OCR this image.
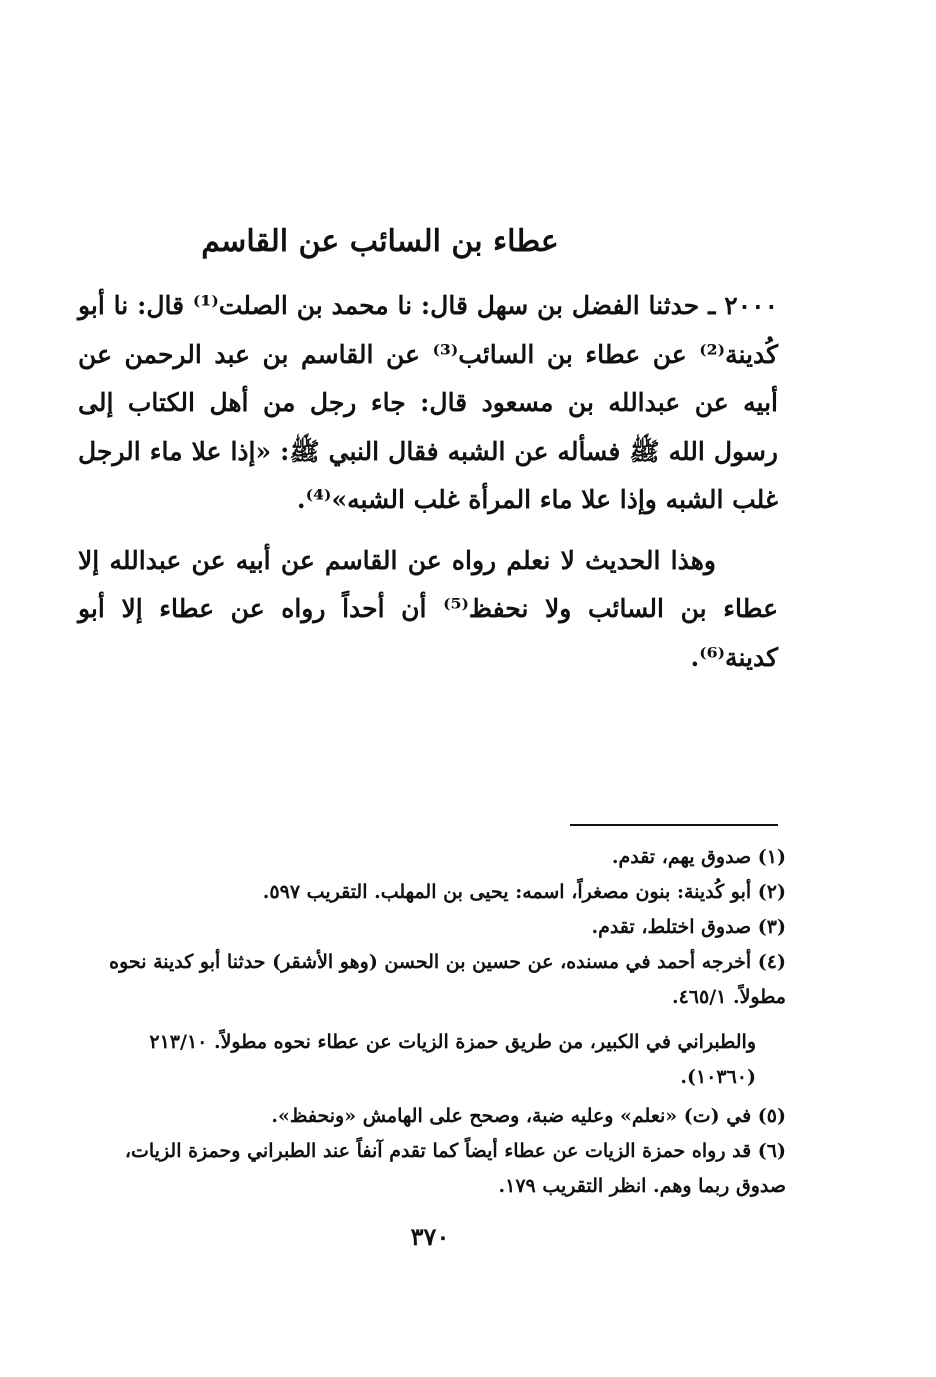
عطاء بن السائب عن القاسم

٢٠٠٠ ـ حدثنا الفضل بن سهل قال: نا محمد بن الصلت⁽¹⁾ قال: نا أبو كُدينة⁽²⁾ عن عطاء بن السائب⁽³⁾ عن القاسم بن عبد الرحمن عن أبيه عن عبدالله بن مسعود قال: جاء رجل من أهل الكتاب إلى رسول الله ﷺ فسأله عن الشبه فقال النبي ﷺ: «إذا علا ماء الرجل غلب الشبه وإذا علا ماء المرأة غلب الشبه»⁽⁴⁾.

وهذا الحديث لا نعلم رواه عن القاسم عن أبيه عن عبدالله إلا عطاء بن السائب ولا نحفظ⁽⁵⁾ أن أحداً رواه عن عطاء إلا أبو كدينة⁽⁶⁾.

(١) صدوق يهم، تقدم.

(٢) أبو كُدينة: بنون مصغراً، اسمه: يحيى بن المهلب. التقريب ٥٩٧.

(٣) صدوق اختلط، تقدم.

(٤) أخرجه أحمد في مسنده، عن حسين بن الحسن (وهو الأشقر) حدثنا أبو كدينة نحوه مطولاً. ٤٦٥/١.

والطبراني في الكبير، من طريق حمزة الزيات عن عطاء نحوه مطولاً. ٢١٣/١٠ (١٠٣٦٠).

(٥) في (ت) «نعلم» وعليه ضبة، وصحح على الهامش «ونحفظ».

(٦) قد رواه حمزة الزيات عن عطاء أيضاً كما تقدم آنفاً عند الطبراني وحمزة الزيات، صدوق ربما وهم. انظر التقريب ١٧٩.

٣٧٠
